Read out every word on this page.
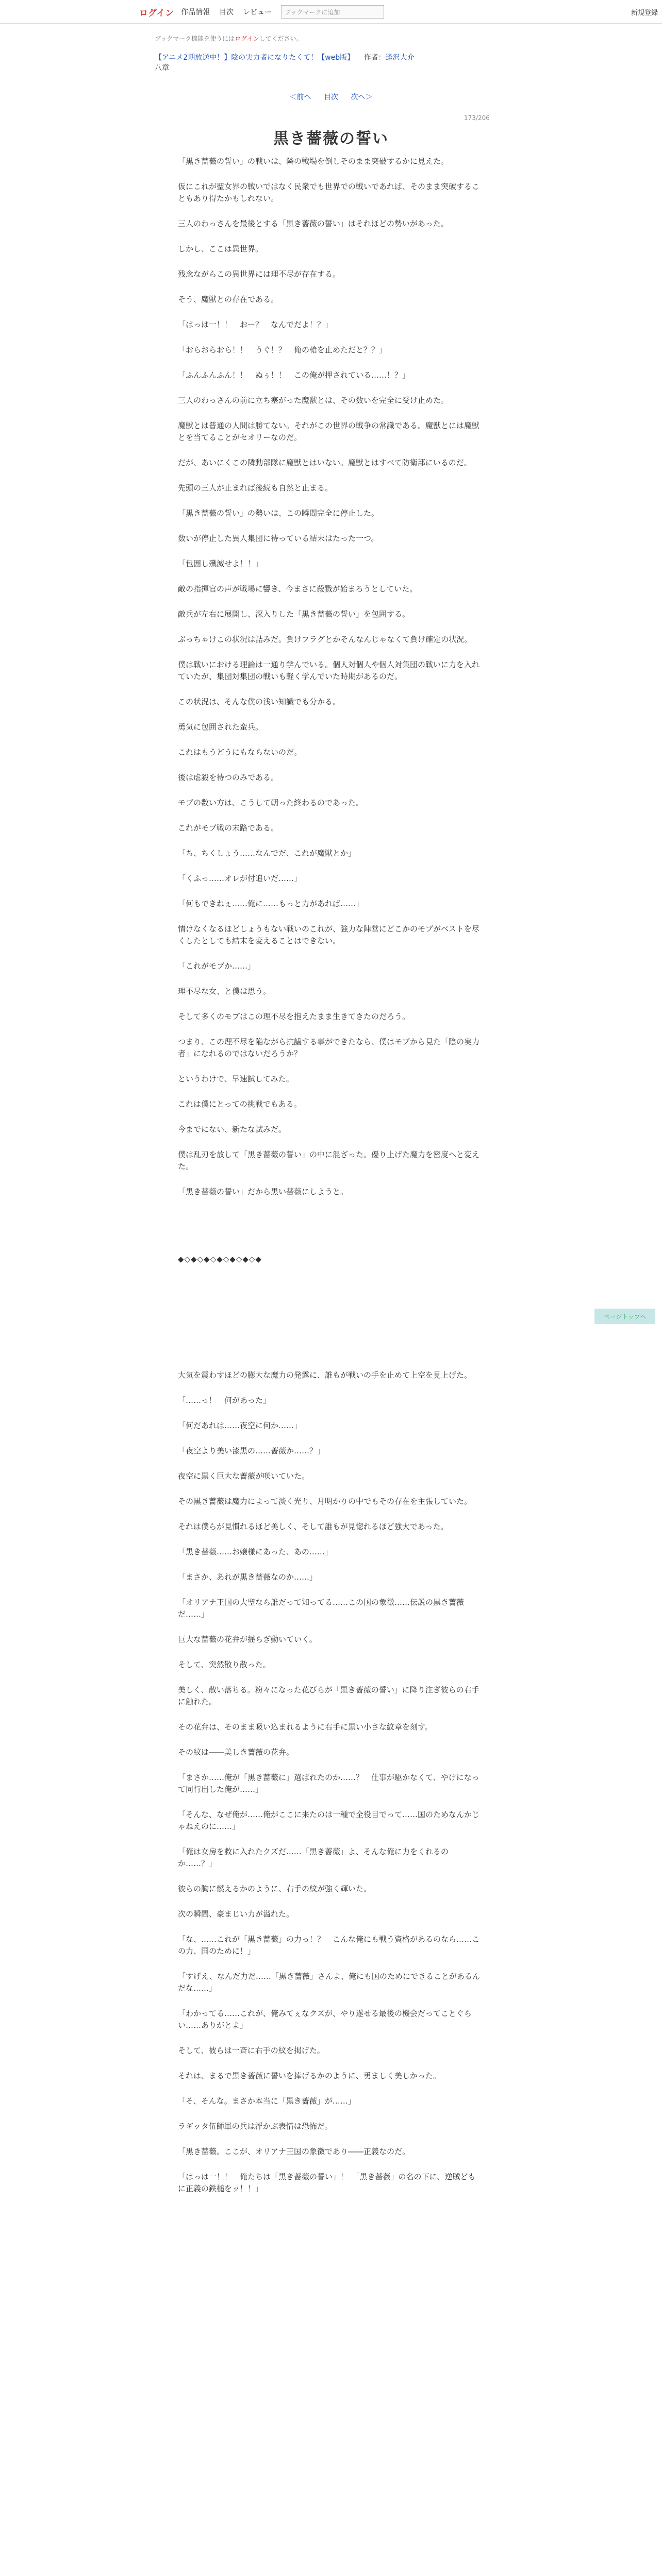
ログイン 作品情報 目次 レビュー	ブックマークに追加	新規登録
ブックマーク機能を使うにはログインしてください。
【アニメ2期放送中！】陰の実力者になりたくて！【web版】 作者：逢沢大介
八章
＜前へ 目次 次へ＞
173/206
黒き薔薇の誓い

「黒き薔薇の誓い」の戦いは、隣の戦場を倒しそのまま突破するかに見えた。

仮にこれが聖女界の戦いではなく民衆でも世界での戦いであれば、そのまま突破することもあり得たかもしれない。

三人のわっさんを最後とする「黒き薔薇の誓い」はそれほどの勢いがあった。

しかし、ここは異世界。

残念ながらこの異世界には理不尽が存在する。

そう、魔獣との存在である。

「はっは一！！　おー？　なんでだよ！？」

「おらおらおら！！　うぐ！？　俺の槍を止めただと？？」

「ふんふんふん！！　ぬぅ！！　この俺が押されている……！？」

三人のわっさんの前に立ち塞がった魔獣とは、その数いを完全に受け止めた。

魔獣とは普通の人間は勝てない。それがこの世界の戦争の常識である。魔獣とには魔獣とを当てることがセオリーなのだ。

だが、あいにくこの隣動部隊に魔獣とはいない。魔獣とはすべて防衛部にいるのだ。

先頭の三人が止まれば後続も自然と止まる。

「黒き薔薇の誓い」の勢いは、この瞬間完全に停止した。

数いが停止した異人集団に待っている結末はたった一つ。

「包囲し殲滅せよ！！」

敵の指揮官の声が戦場に響き、今まさに殺戮が始まろうとしていた。

敵兵が左右に展開し、深入りした「黒き薔薇の誓い」を包囲する。

ぶっちゃけこの状況は詰みだ。負けフラグとかそんなんじゃなくて負け確定の状況。

僕は戦いにおける理論は一通り学んでいる。個人対個人や個人対集団の戦いに力を入れていたが、集団対集団の戦いも軽く学んでいた時期があるのだ。

この状況は、そんな僕の浅い知識でも分かる。

勇気に包囲された蛮兵。

これはもうどうにもならないのだ。

後は虐殺を待つのみである。

モブの数い方は、こうして朝った終わるのであった。

これがモブ戦の末路である。

「ち、ちくしょう……なんでだ、これが魔獣とか」

「くふっ……オレが付追いだ……」

「何もできねぇ……俺に……もっと力があれば……」

情けなくなるほどしょうもない戦いのこれが、強力な陣営にどこかのモブがベストを尽くしたとしても結末を変えることはできない。

「これがモブか……」

理不尽な女、と僕は思う。

そして多くのモブはこの理不尽を抱えたまま生きてきたのだろう。

つまり、この理不尽を陥ながら抗議する事ができたなら、僕はモブから見た「陰の実力者」になれるのではないだろうか？

というわけで、早速試してみた。

これは僕にとっての挑戦でもある。

今までにない、新たな試みだ。

僕は乱刃を放して「黒き薔薇の誓い」の中に混ざった。優り上げた魔力を密度へと変えた。

「黒き薔薇の誓い」だから黒い薔薇にしようと。

◆◇◆◇◆◇◆◇◆◇◆◇◆

大気を震わすほどの膨大な魔力の発露に、誰もが戦いの手を止めて上空を見上げた。

「……っ！　何があった」

「何だあれは……夜空に何か……」

「夜空より美い漆黒の……薔薇か……？」

夜空に黒く巨大な薔薇が咲いていた。

その黒き薔薇は魔力によって淡く光り、月明かりの中でもその存在を主張していた。

それは僕らが見慣れるほど美しく、そして誰もが見惚れるほど強大であった。

「黒き薔薇……お嬢様にあった、あの……」

「まさか、あれが黒き薔薇なのか……」

「オリアナ王国の大聖なら誰だって知ってる……この国の象徴……伝説の黒き薔薇だ……」

巨大な薔薇の花弁が揺らぎ動いていく。

そして、突然散り散った。

美しく、散い落ちる。粉々になった花びらが「黒き薔薇の誓い」に降り注ぎ彼らの右手に触れた。

その花弁は、そのまま吸い込まれるように右手に黒い小さな紋章を刻す。

その紋は――美しき薔薇の花弁。

「まさか……俺が「黒き薔薇に」選ばれたのか……？　仕事が駆かなくて、やけになって同行出した俺が……」

「そんな、なぜ俺が……俺がここに来たのは一種で全役目でって……国のためなんかじゃねえのに……」

「俺は女房を救に入れたクズだ……「黒き薔薇」よ、そんな俺に力をくれるのか……？」

彼らの胸に燃えるかのように、右手の紋が強く輝いた。

次の瞬間、豪まじい力が溢れた。

「な、……これが「黒き薔薇」の力っ！？　こんな俺にも戦う資格があるのなら……この力、国のために！」

「すげえ、なんだ力だ……「黒き薔薇」さんよ、俺にも国のためにできることがあるんだな……」

「わかってる……これが、俺みてぇなクズが、やり遂せる最後の機会だってことぐらい……ありがとよ」

そして、彼らは一斉に右手の紋を掲げた。

それは、まるで黒き薔薇に誓いを捧げるかのように、勇ましく美しかった。

「そ、そんな。まさか本当に「黒き薔薇」が……」

ラギッタ伍師軍の兵は浮かぶ表情は恐怖だ。

「黒き薔薇。ここが、オリアナ王国の象徴であり――正義なのだ。

「はっは一！！　俺たちは「黒き薔薇の誓い」！　「黒き薔薇」の名の下に、逆賊どもに正義の鉄槌をッ！！」

ページトップへ
